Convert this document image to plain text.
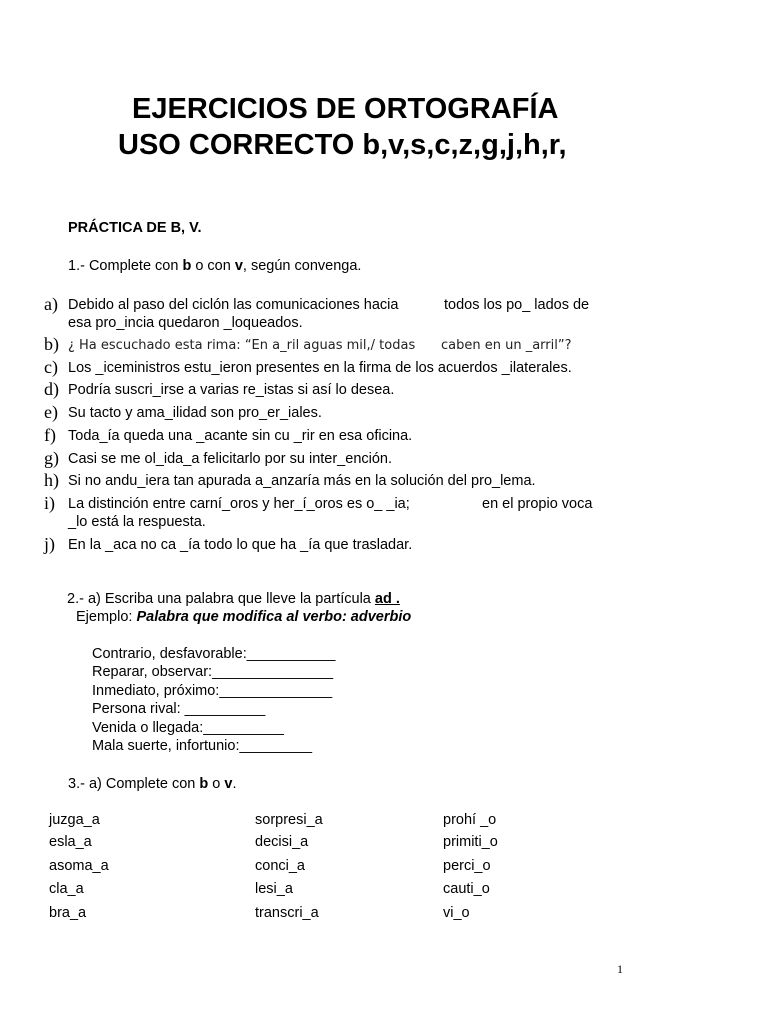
EJERCICIOS DE ORTOGRAFÍA
USO CORRECTO b,v,s,c,z,g,j,h,r,
PRÁCTICA DE B, V.
1.- Complete con b o con v, según convenga.
a) Debido al paso del ciclón las comunicaciones hacia	todos los po_ lados de
esa pro_incia quedaron _loqueados.
b) ¿ Ha escuchado esta rima: “En a_ril aguas mil,/ todas caben en un _arril”?
c) Los _iceministros estu_ieron presentes en la firma de los acuerdos _ilaterales.
d) Podría suscri_irse a varias re_istas si así lo desea.
e) Su tacto y ama_ilidad son pro_er_iales.
f) Toda_ía queda una _acante sin cu _rir en esa oficina.
g) Casi se me ol_ida_a felicitarlo por su inter_ención.
h) Si no andu_iera tan apurada a_anzaría más en la solución del pro_lema.
i) La distinción entre carní_oros y her_í_oros es o_ _ia;	en el propio voca
_lo está la respuesta.
j) En la _aca no ca _ía todo lo que ha _ía que trasladar.
2.- a) Escriba una palabra que lleve la partícula ad .
Ejemplo: Palabra que modifica al verbo: adverbio
Contrario, desfavorable:___________
Reparar, observar:_______________
Inmediato, próximo:______________
Persona rival: __________
Venida o llegada:__________
Mala suerte, infortunio:_________
3.- a) Complete con b o v.
juzga_a
esla_a
asoma_a
cla_a
bra_a
sorpresi_a
decisi_a
conci_a
lesi_a
transcri_a
prohí _o
primiti_o
perci_o
cauti_o
vi_o
1
